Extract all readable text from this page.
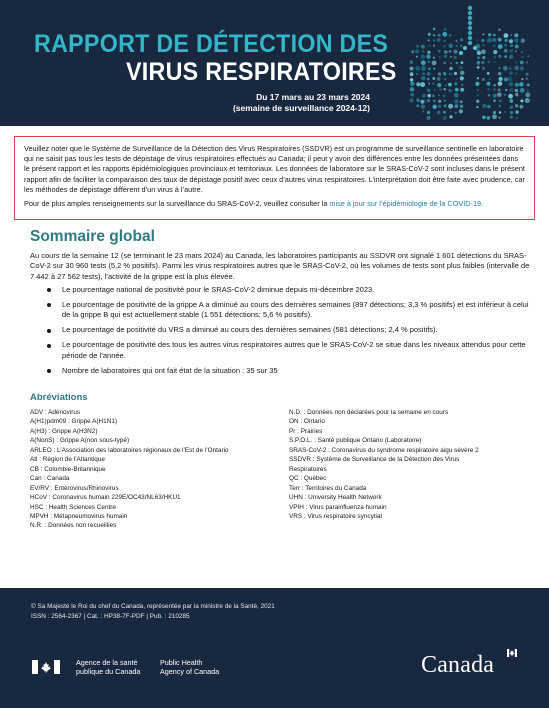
RAPPORT DE DÉTECTION DES
VIRUS RESPIRATOIRES
Du 17 mars au 23 mars 2024
(semaine de surveillance 2024-12)

Veuillez noter que le Système de Surveillance de la Détection des Virus Respiratoires (SSDVR) est un programme de surveillance sentinelle en laboratoire qui ne saisit pas tous les tests de dépistage de virus respiratoires effectués au Canada; il peut y avoir des différences entre les données présentées dans le présent rapport et les rapports épidémiologiques provinciaux et territoriaux. Les données de laboratoire sur le SRAS-CoV-2 sont incluses dans le présent rapport afin de faciliter la comparaison des taux de dépistage positif avec ceux d’autres virus respiratoires. L’interprétation doit être faite avec prudence, car les méthodes de dépistage diffèrent d’un virus à l’autre.

Pour de plus amples renseignements sur la surveillance du SRAS-CoV-2, veuillez consulter la mise à jour sur l’épidémiologie de la COVID-19.

Sommaire global
Au cours de la semaine 12 (se terminant le 23 mars 2024) au Canada, les laboratoires participants au SSDVR ont signalé 1 601 détections du SRAS-CoV-2 sur 30 960 tests (5,2 % positifs). Parmi les virus respiratoires autres que le SRAS-CoV-2, où les volumes de tests sont plus faibles (intervalle de 7 442 à 27 562 tests), l’activité de la grippe est la plus élevée.
Le pourcentage national de positivité pour le SRAS-CoV-2 diminue depuis mi-décembre 2023.
Le pourcentage de positivité de la grippe A a diminué au cours des dernières semaines (897 détections; 3,3 % positifs) et est inférieur à celui de la grippe B qui est actuellement stable (1 551 détections; 5,6 % positifs).
Le pourcentage de positivité du VRS a diminué au cours des dernières semaines (581 détections; 2,4 % positifs).
Le pourcentage de positivité des tous les autres virus respiratoires autres que le SRAS-CoV-2 se situe dans les niveaux attendus pour cette période de l’année.
Nombre de laboratoires qui ont fait état de la situation : 35 sur 35
Abréviations
ADV : Adénovirus
A(H1)pdm09 : Grippe A(H1N1)
A(H3) : Grippe A(H3N2)
A(NonS) : Grippe A(non sous-typé)
ARLEO : L’Association des laboratoires régionaux de l’Est de l’Ontario
Atl : Région de l’Atlantique
CB : Colombie-Britannique
Can : Canada
EV/RV : Entérovirus/Rhinovirus
HCoV : Coronavirus humain 229E/OC43/NL63/HKU1
HSC : Health Sciences Centre
MPVH : Métapneumovirus humain
N.R. : Données non recueillies
N.D. : Données non déclarées pour la semaine en cours
ON : Ontario
Pr : Prairies
S.P.O.L. : Santé publique Ontario (Laboratoire)
SRAS-CoV-2 : Coronavirus du syndrome respiratoire aigu sévère 2
SSDVR : Système de Surveillance de la Détection des Virus
Respiratoires
QC : Québec
Terr : Territoires du Canada
UHN : University Health Network
VPIH : Virus parainfluenza humain
VRS : Virus respiratoire syncytial
© Sa Majesté le Roi du chef du Canada, représentée par la ministre de la Santé, 2021
ISSN : 2564-2367 | Cat. : HP38-7F-PDF | Pub. : 210285
Agence de la santé
publique du Canada
Public Health
Agency of Canada	Canada
